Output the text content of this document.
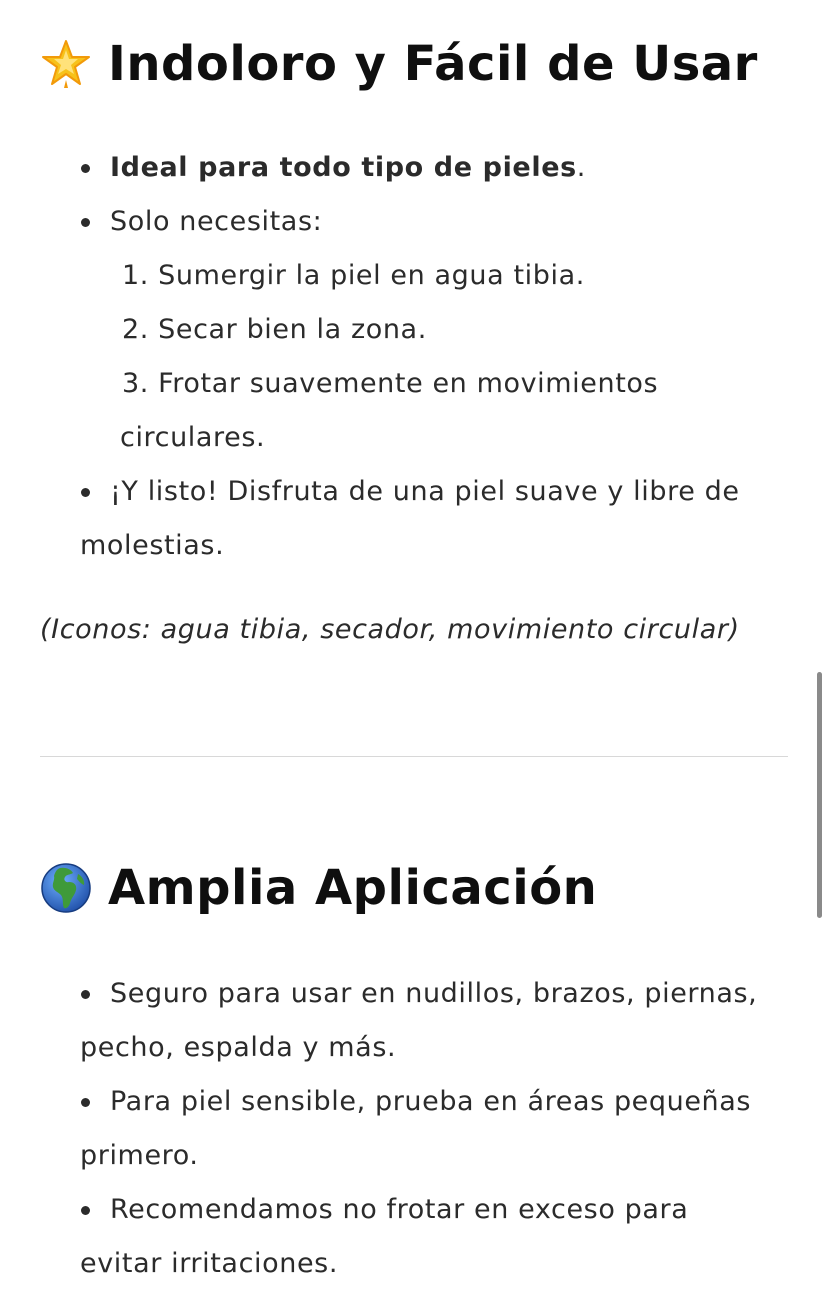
Indoloro y Fácil de Usar
Ideal para todo tipo de pieles.
Solo necesitas:
1. Sumergir la piel en agua tibia.
2. Secar bien la zona.
3. Frotar suavemente en movimientos
circulares.
¡Y listo! Disfruta de una piel suave y libre de
molestias.
(Iconos: agua tibia, secador, movimiento circular)
Amplia Aplicación
Seguro para usar en nudillos, brazos, piernas,
pecho, espalda y más.
Para piel sensible, prueba en áreas pequeñas
primero.
Recomendamos no frotar en exceso para
evitar irritaciones.
